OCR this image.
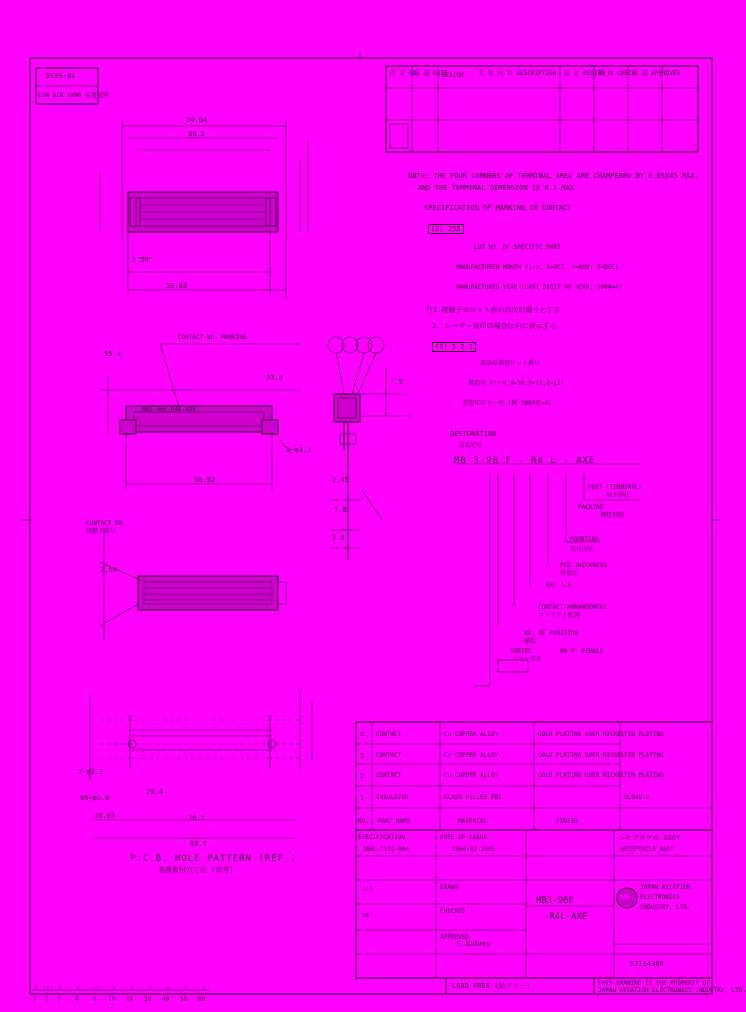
EC05-01
CON SIN XX00 変更記録
改 定 NO.
承 認 DATE
DESIGN 変 更 内 容 DESCRIPTION 設 計 DESIGN
検 図 CHECK
承 認 APPROVED
NOTE: THE FOUR CORNERS OF TERMINAL AREA ARE CHAMFERED BY 0.05X45 MAX.
AND THE TERMINAL DIMENSION IS 0.1 MAX.
SPECIFICATION OF MARKING ON CONTACT
(S) 255
LOT NO. OF SPECIFIC PART
MANUFACTURED MONTH (1-9, X=OCT, Y=NOV, Z=DEC)
MANUFACTURED YEAR (LAST DIGIT OF YEAR, 2004=4)
注1.接触子のロット表示は次の通りとする
2. レーザー刻印の場合は右に表示する
(S) 5 2 1
部品の製造ロット番号
製造月 (1〜9,X=10,Y=11,Z=12)
製造年の下一桁 (例 2004年→4)
DESIGNATION
品名記号
MB 3-96 F - R4 L - AXE
POST (TERMINAL)
端子形状
PACKING
梱包形態
MOUNTING
取付方法
PCB THICKNESS
基板厚
R4: 1.6
CONTACT ARRANGEMENT
コンタクト配列
NO. OF POSITION
極数
SERIES
シリーズ名
MB F: FEMALE
24.64
46.5
2.54
33.02
55.3
56.52
33.0
2-φ3.2
2.45
7.6
2.6
7.5
2.54
2-φ3.2
96-φ1.0
10.03	76.2
68.5
25.4
CONTACT NO. MARKING
MB3-96F-R4L-AXE
CONTACT NO.
接触子番号
P.C.B. HOLE PATTERN (REF.)
基板取付穴寸法 (参考)
4 CONTACT	Cu COPPER ALLOY	GOLD PLATING OVER NICKEL TIN PLATING
3 CONTACT	Cu COPPER ALLOY	GOLD PLATING OVER NICKEL TIN PLATING
2 CONTACT	Cu COPPER ALLOY	GOLD PLATING OVER NICKEL TIN PLATING
1 INSULATOR	GLASS FILLED PBT	UL94V-0
NO. PART NAME	MATERIAL	FINISH
SPECIFICATION
JAHL-1192-004
DATE OF ISSUE
2004-02-2005
レセプタクル ASSY
RECEPTACLE ASSY
DRAWN
CHECKED
APPROVED
S. Kubrey
1:1
mm
MB3-96F
-R4L-AXE
JAPAN AVIATION
ELECTRONICS
INDUSTRY, LTD.
JAE
SJ114380
LEAD FREE (鉛フリー)	THIS DRAWING IS THE PROPERTY OF
JAPAN AVIATION ELECTRONICS INDUSTRY, LTD.
1 2 3 4 5 10 20 30 40 50 60
